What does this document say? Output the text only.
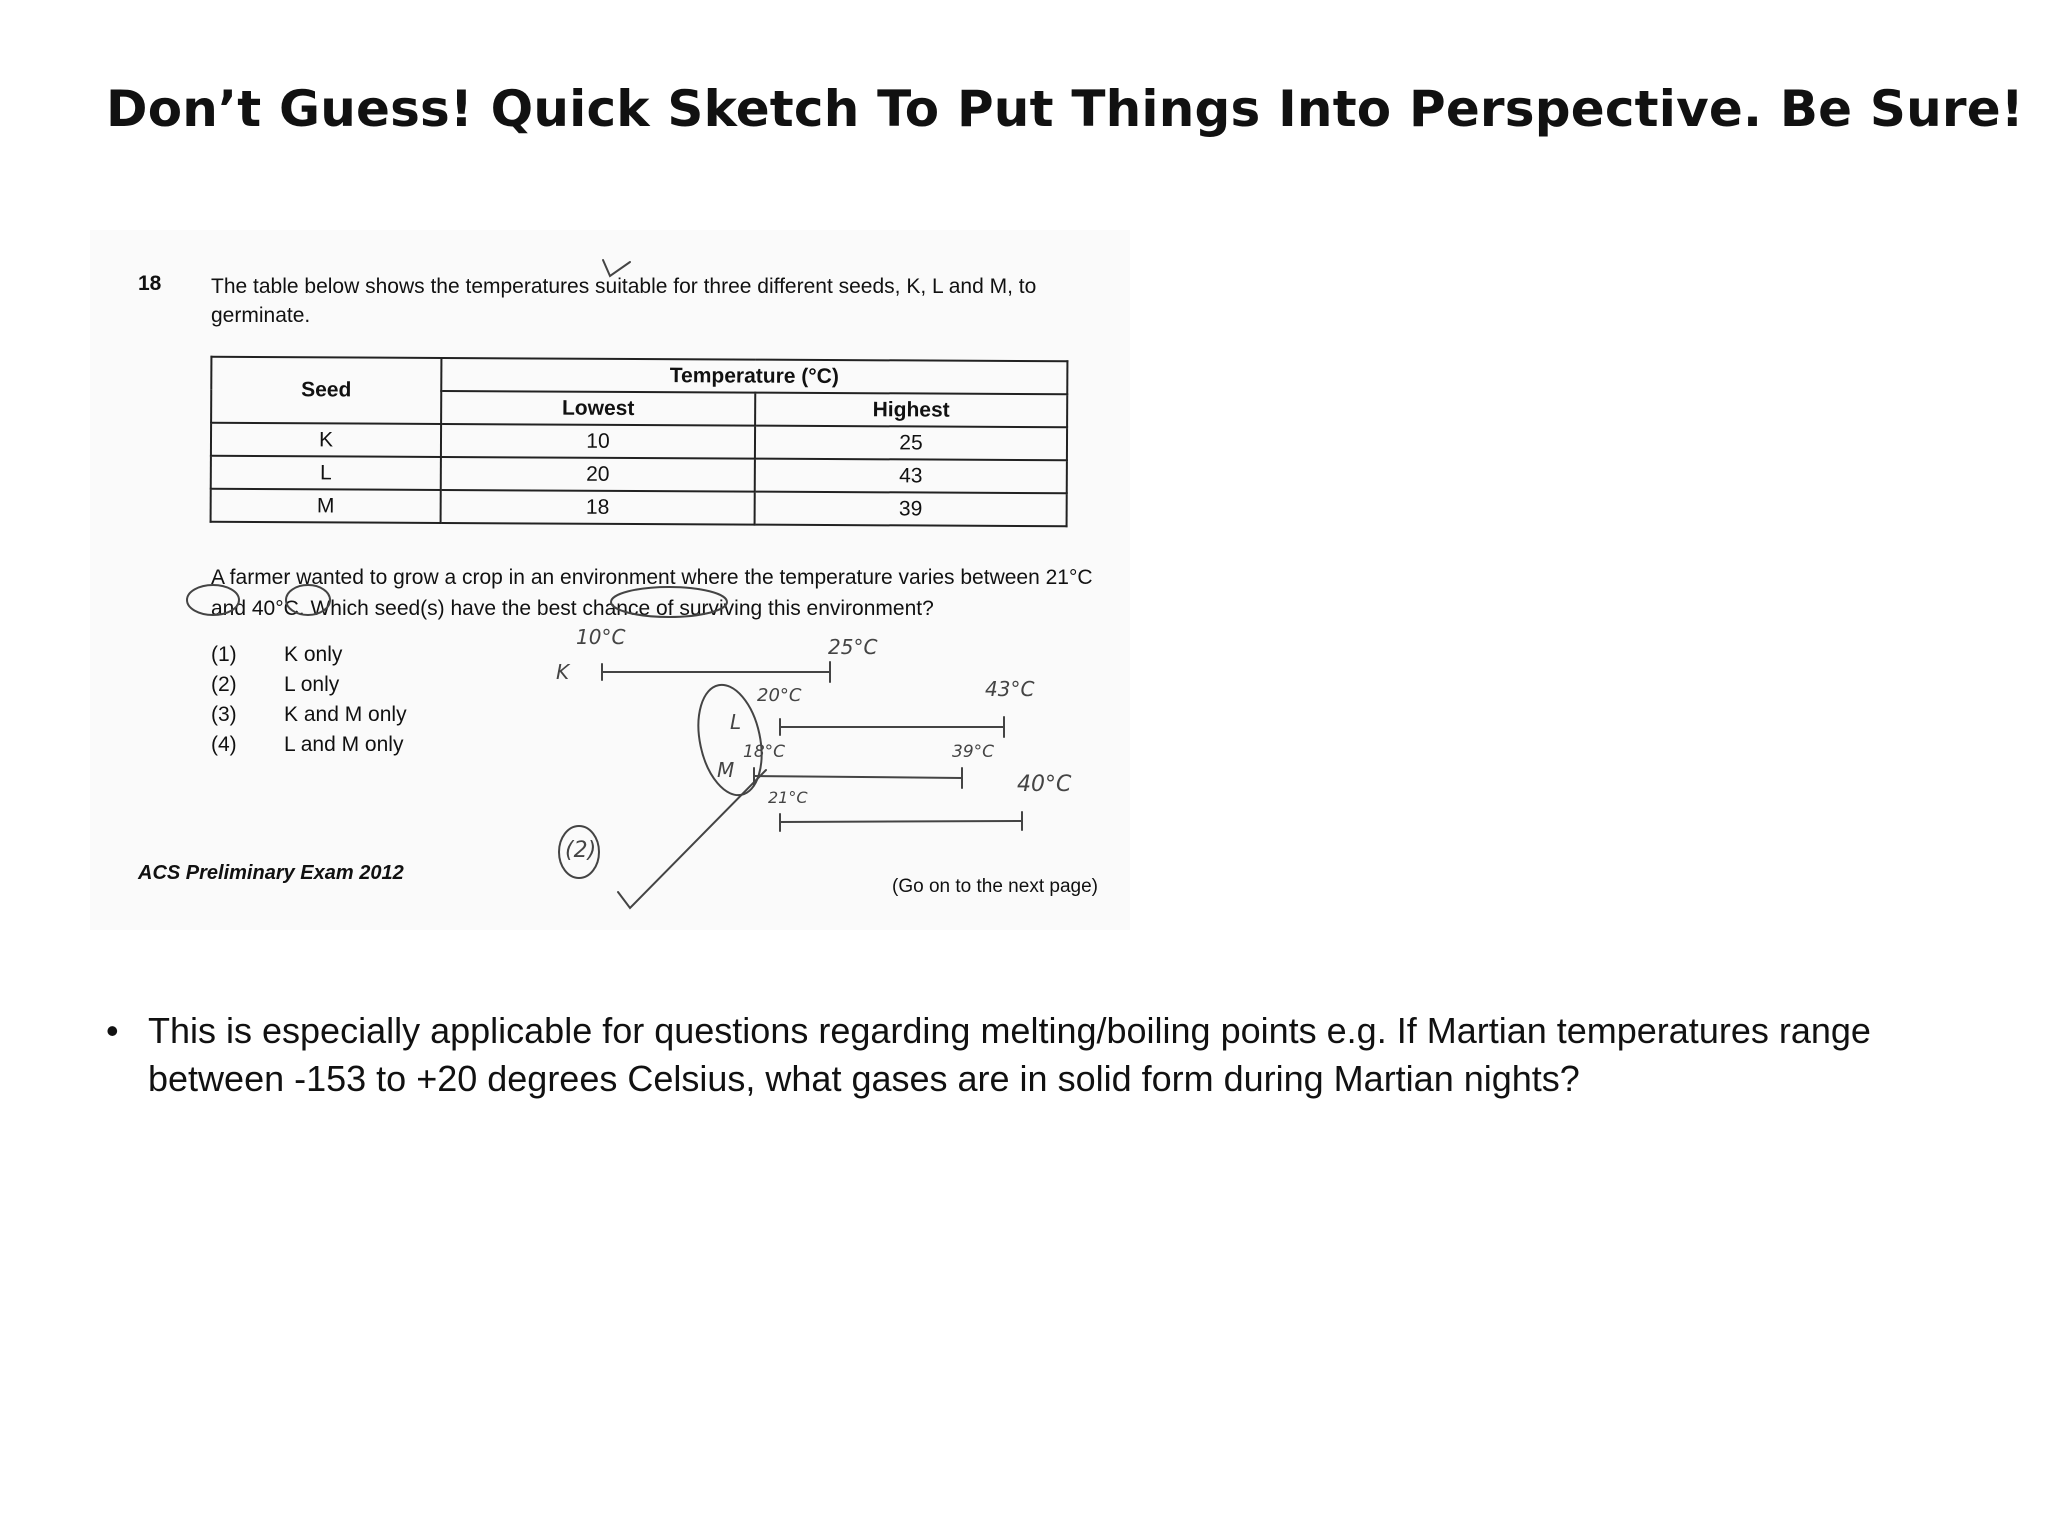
Don’t Guess! Quick Sketch To Put Things Into Perspective. Be Sure!
18 The table below shows the temperatures suitable for three different seeds, K, L and M, to germinate.

Seed	Temperature (°C)	
	Lowest	Highest
K	10	25
L	20	43
M	18	39

A farmer wanted to grow a crop in an environment where the temperature varies between 21°C and 40°C. Which seed(s) have the best chance of surviving this environment?

(1) K only
(2) L only
(3) K and M only
(4) L and M only
10°C
K
25°C
20°C	43°C
L
M
18°C	39°C
21°C
40°C
(2)
ACS Preliminary Exam 2012
(Go on to the next page)
• This is especially applicable for questions regarding melting/boiling points e.g. If Martian temperatures range between -153 to +20 degrees Celsius, what gases are in solid form during Martian nights?
